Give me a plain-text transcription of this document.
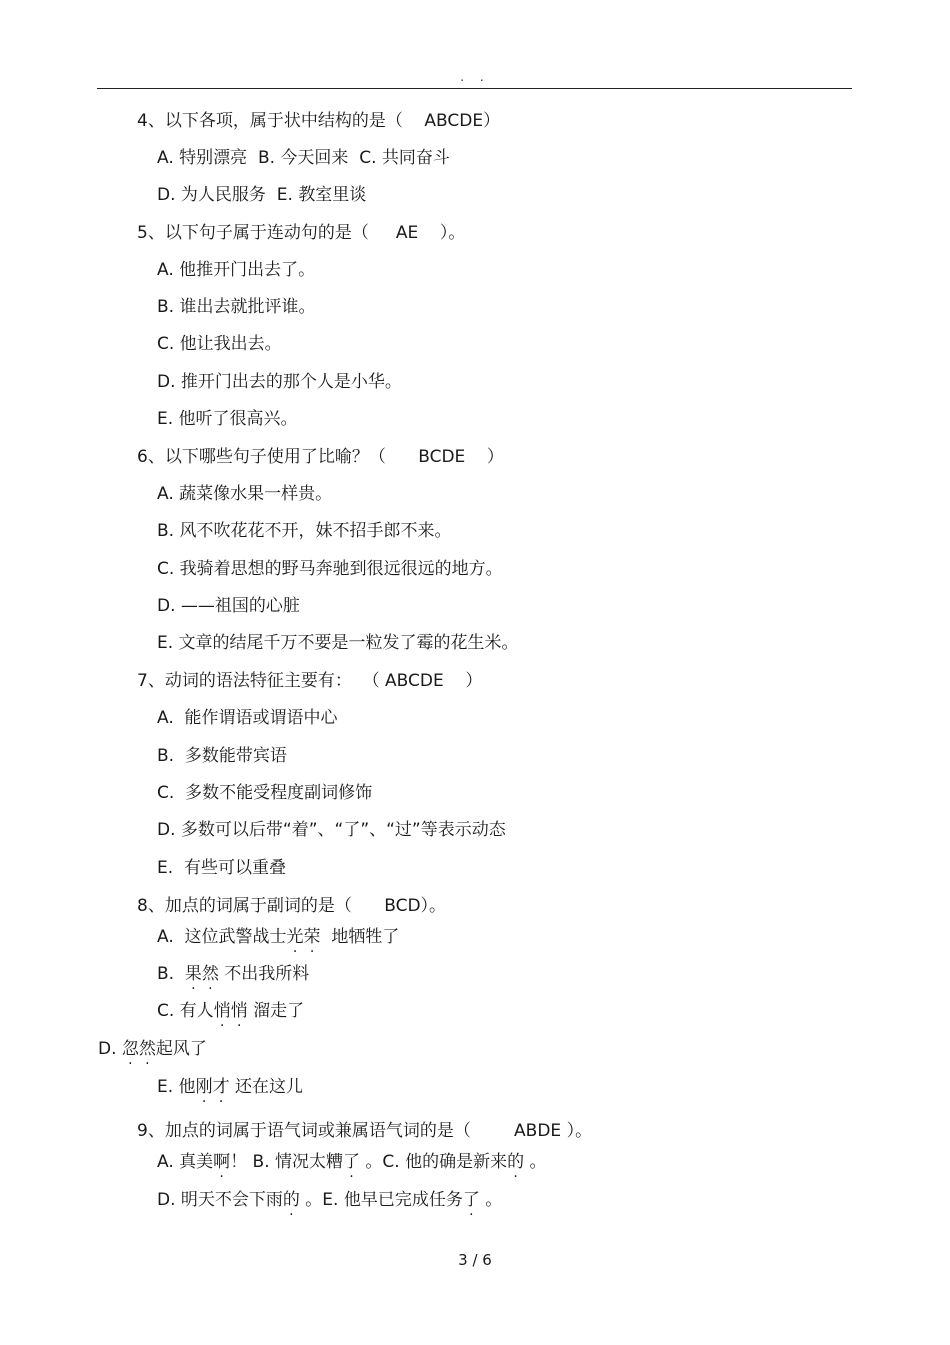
. .
4、以下各项，属于状中结构的是（    ABCDE）
A. 特别漂亮  B. 今天回来  C. 共同奋斗
D. 为人民服务  E. 教室里谈
5、以下句子属于连动句的是（     AE    ）。
A. 他推开门出去了。
B. 谁出去就批评谁。
C. 他让我出去。
D. 推开门出去的那个人是小华。
E. 他听了很高兴。
6、以下哪些句子使用了比喻？（      BCDE    ）
A. 蔬菜像水果一样贵。
B. 风不吹花花不开，妹不招手郎不来。
C. 我骑着思想的野马奔驰到很远很远的地方。
D. ——祖国的心脏
E. 文章的结尾千万不要是一粒发了霉的花生米。
7、动词的语法特征主要有：  （ ABCDE    ）
A.  能作谓语或谓语中心
B.  多数能带宾语
C.  多数不能受程度副词修饰
D. 多数可以后带“着”、“了”、“过”等表示动态
E.  有些可以重叠
8、加点的词属于副词的是（      BCD）。
A.  这位武警战士光荣  地牺牲了
B.  果然 不出我所料
C. 有人悄悄 溜走了
D. 忽然起风了
E. 他刚才 还在这儿
9、加点的词属于语气词或兼属语气词的是（        ABDE ）。
A. 真美啊！ B. 情况太糟了 。C. 他的确是新来的 。
D. 明天不会下雨的 。E. 他早已完成任务了 。
3 / 6
